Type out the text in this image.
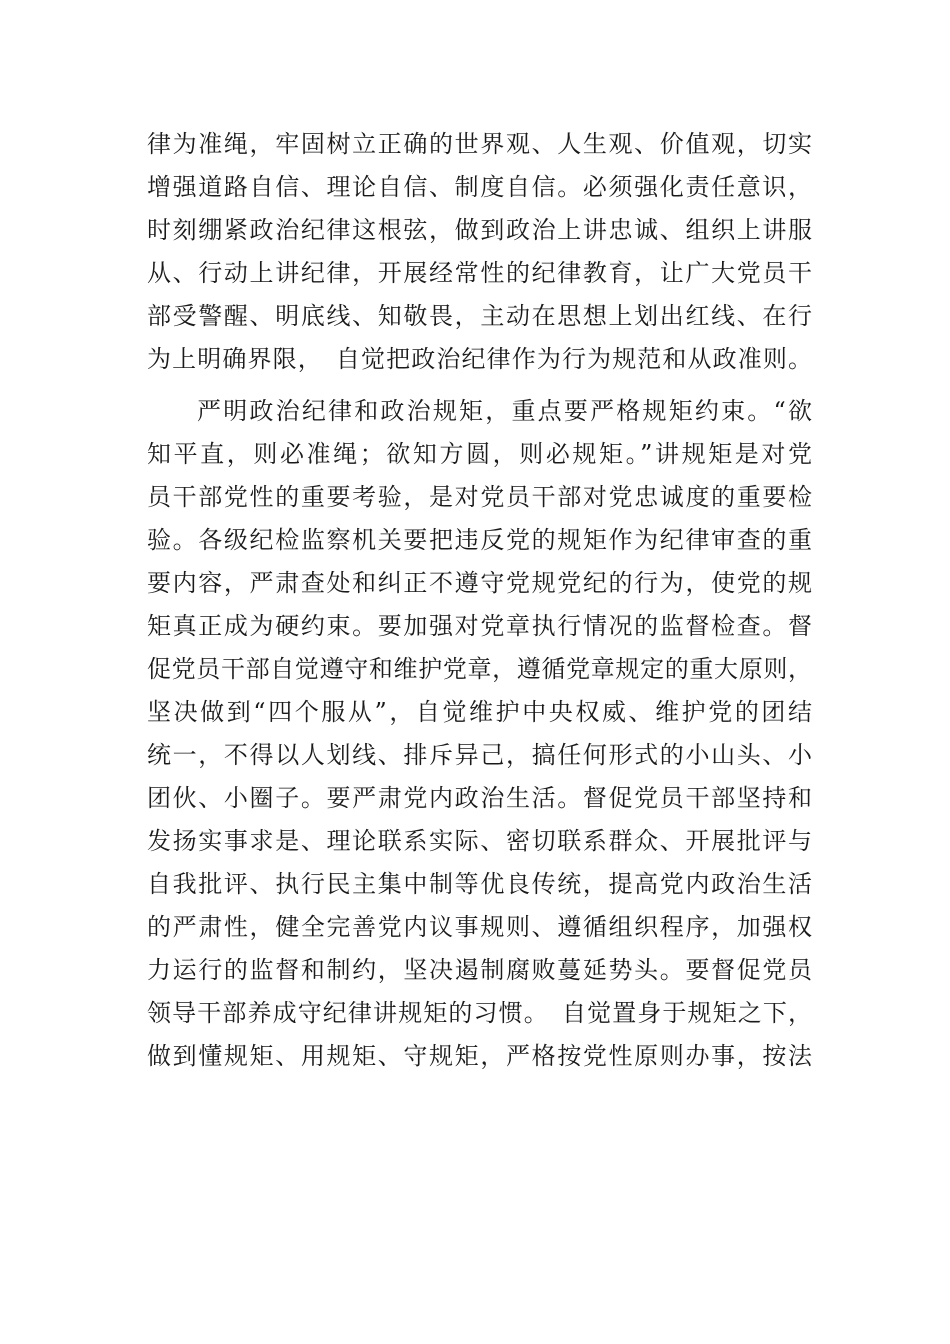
律为准绳，牢固树立正确的世界观、人生观、价值观，切实
增强道路自信、理论自信、制度自信。必须强化责任意识，
时刻绷紧政治纪律这根弦，做到政治上讲忠诚、组织上讲服
从、行动上讲纪律，开展经常性的纪律教育，让广大党员干
部受警醒、明底线、知敬畏，主动在思想上划出红线、在行
为上明确界限，　自觉把政治纪律作为行为规范和从政准则。
严明政治纪律和政治规矩，重点要严格规矩约束。“欲
知平直，则必准绳；欲知方圆，则必规矩。”讲规矩是对党
员干部党性的重要考验，是对党员干部对党忠诚度的重要检
验。各级纪检监察机关要把违反党的规矩作为纪律审查的重
要内容，严肃查处和纠正不遵守党规党纪的行为，使党的规
矩真正成为硬约束。要加强对党章执行情况的监督检查。督
促党员干部自觉遵守和维护党章，遵循党章规定的重大原则，
坚决做到“四个服从”，自觉维护中央权威、维护党的团结
统一，不得以人划线、排斥异己，搞任何形式的小山头、小
团伙、小圈子。要严肃党内政治生活。督促党员干部坚持和
发扬实事求是、理论联系实际、密切联系群众、开展批评与
自我批评、执行民主集中制等优良传统，提高党内政治生活
的严肃性，健全完善党内议事规则、遵循组织程序，加强权
力运行的监督和制约，坚决遏制腐败蔓延势头。要督促党员
领导干部养成守纪律讲规矩的习惯。　自觉置身于规矩之下，
做到懂规矩、用规矩、守规矩，严格按党性原则办事，按法
